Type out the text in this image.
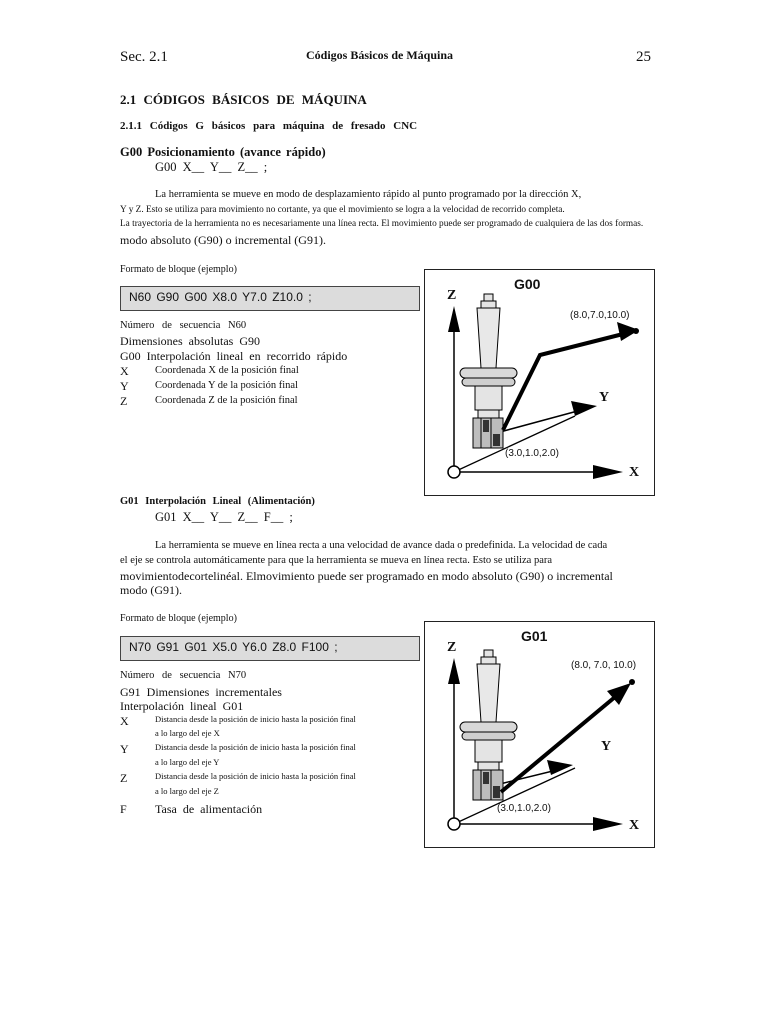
Sec. 2.1	Códigos Básicos de Máquina	25
2.1 CÓDIGOS BÁSICOS DE MÁQUINA
2.1.1 Códigos G básicos para máquina de fresado CNC
G00 Posicionamiento (avance rápido)
G00 X__ Y__ Z__ ;
La herramienta se mueve en modo de desplazamiento rápido al punto programado por la dirección X,
Y y Z. Esto se utiliza para movimiento no cortante, ya que el movimiento se logra a la velocidad de recorrido completa.
La trayectoria de la herramienta no es necesariamente una línea recta. El movimiento puede ser programado de cualquiera de las dos formas.
modo absoluto (G90) o incremental (G91).
Formato de bloque (ejemplo)
N60 G90 G00 X8.0 Y7.0 Z10.0 ;
Número de secuencia N60
Dimensiones absolutas G90
G00 Interpolación lineal en recorrido rápido
X	Coordenada X de la posición final
Y	Coordenada Y de la posición final
Z	Coordenada Z de la posición final
G00
Z
Y
X
(8.0,7.0,10.0)
(3.0,1.0,2.0)
G01 Interpolación Lineal (Alimentación)
G01 X__ Y__ Z__ F__ ;
La herramienta se mueve en línea recta a una velocidad de avance dada o predefinida. La velocidad de cada
el eje se controla automáticamente para que la herramienta se mueva en línea recta. Esto se utiliza para
movimientodecortelinéal. Elmovimiento puede ser programado en modo absoluto (G90) o incremental
modo (G91).
Formato de bloque (ejemplo)
N70 G91 G01 X5.0 Y6.0 Z8.0 F100 ;
Número de secuencia N70
G91 Dimensiones incrementales
Interpolación lineal G01
X	Distancia desde la posición de inicio hasta la posición final
a lo largo del eje X
Y	Distancia desde la posición de inicio hasta la posición final
a lo largo del eje Y
Z	Distancia desde la posición de inicio hasta la posición final
a lo largo del eje Z
F Tasa de alimentación
G01
Z
Y
X
(8.0, 7.0, 10.0)
(3.0,1.0,2.0)
